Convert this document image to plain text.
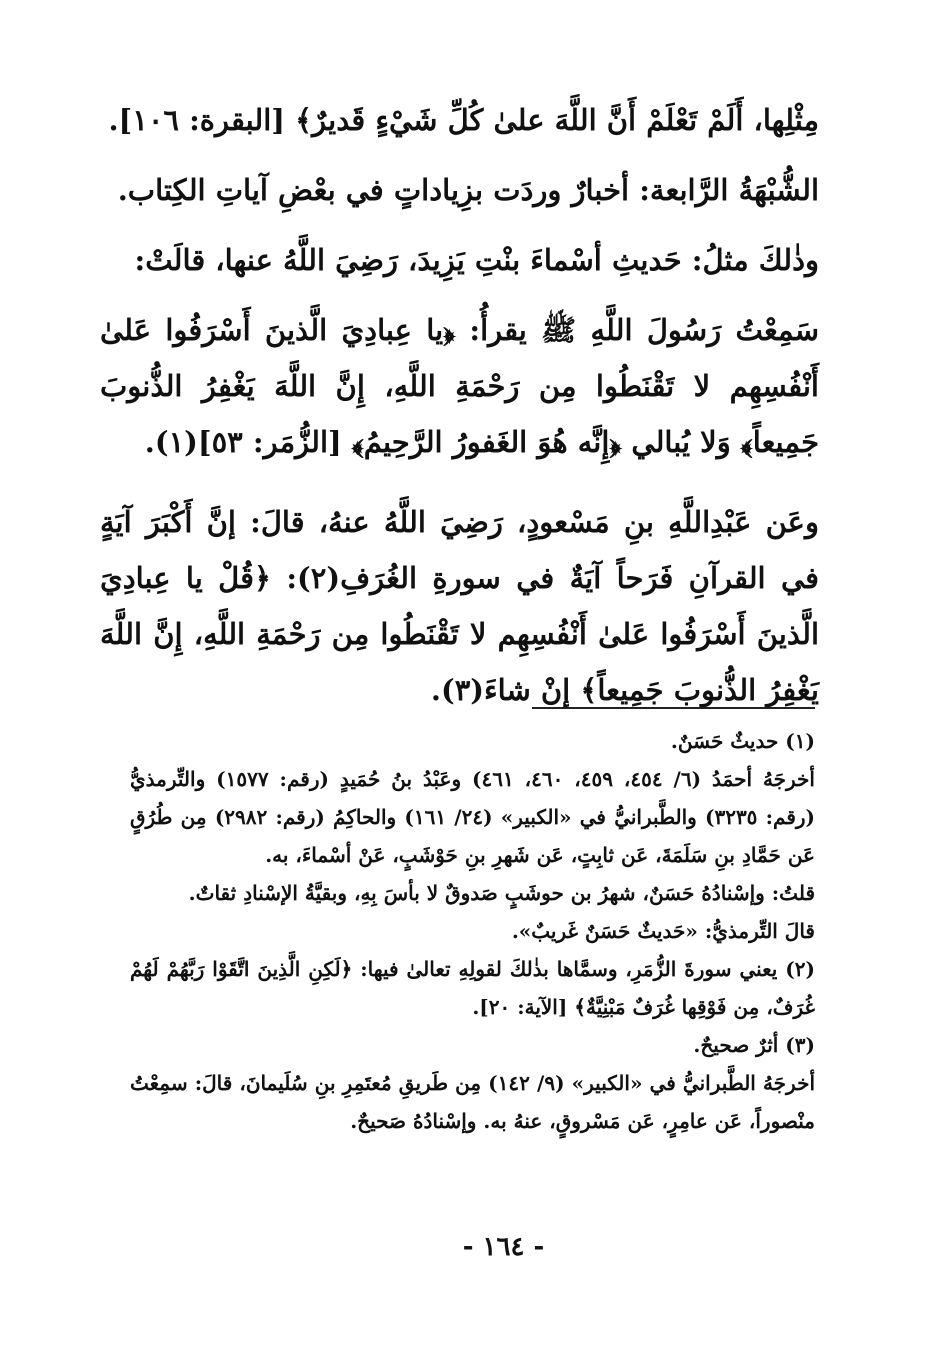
مِثْلِها، أَلَمْ تَعْلَمْ أَنَّ اللَّهَ علىٰ كُلِّ شَيْءٍ قَديرٌ﴾ [البقرة: ١٠٦].

الشُّبْهَةُ الرَّابعة: أخبارٌ وردَت بزِياداتٍ في بعْضِ آياتِ الكِتاب.

وذٰلكَ مثلُ: حَديثِ أسْماءَ بنْتِ يَزِيدَ، رَضِيَ اللَّهُ عنها، قالَتْ:

سَمِعْتُ رَسُولَ اللَّهِ ﷺ يقرأُ: ﴿يا عِبادِيَ الَّذينَ أَسْرَفُوا عَلىٰ أَنْفُسِهِم لا تَقْنَطُوا مِن رَحْمَةِ اللَّهِ، إِنَّ اللَّهَ يَغْفِرُ الذُّنوبَ جَمِيعاً﴾ وَلا يُبالي ﴿إِنَّه هُوَ الغَفورُ الرَّحِيمُ﴾ [الزُّمَر: ٥٣](١).

وعَن عَبْدِاللَّهِ بنِ مَسْعودٍ، رَضِيَ اللَّهُ عنهُ، قالَ: إنَّ أَكْبَرَ آيَةٍ في القرآنِ فَرَحاً آيَةٌ في سورةِ الغُرَفِ(٢): ﴿قُلْ يا عِبادِيَ الَّذينَ أَسْرَفُوا عَلىٰ أَنْفُسِهِم لا تَقْنَطُوا مِن رَحْمَةِ اللَّهِ، إِنَّ اللَّهَ يَغْفِرُ الذُّنوبَ جَمِيعاً﴾ إنْ شاءَ(٣).

(١) حديثٌ حَسَنٌ.

أخرجَهُ أحمَدُ (٦/ ٤٥٤، ٤٥٩، ٤٦٠، ٤٦١) وعَبْدُ بنُ حُمَيدٍ (رقم: ١٥٧٧) والتِّرمذيُّ (رقم: ٣٢٣٥) والطَّبرانيُّ في «الكبير» (٢٤/ ١٦١) والحاكِمُ (رقم: ٢٩٨٢) مِن طُرُقٍ عَن حَمَّادِ بنِ سَلَمَةَ، عَن ثابِتٍ، عَن شَهرِ بنِ حَوْشَبٍ، عَنْ أسْماءَ، به.

قلتُ: وإسْنادُهُ حَسَنٌ، شهرُ بن حوشَبٍ صَدوقٌ لا بأسَ بِهِ، وبقيَّةُ الإسْنادِ ثقاتٌ.

قالَ التِّرمذيُّ: «حَديثٌ حَسَنٌ غَريبٌ».

(٢) يعني سورةَ الزُّمَرِ، وسمَّاها بذٰلكَ لقولِهِ تعالىٰ فيها: ﴿لَكِنِ الَّذِينَ اتَّقَوْا رَبَّهُمْ لَهُمْ غُرَفٌ، مِن فَوْقِها غُرَفٌ مَبْنِيَّةٌ﴾ [الآية: ٢٠].

(٣) أثرٌ صحيحٌ.

أخرجَهُ الطَّبرانيُّ في «الكبير» (٩/ ١٤٢) مِن طَريقِ مُعتَمِرِ بنِ سُلَيمانَ، قالَ: سمِعْتُ منْصوراً، عَن عامِرٍ، عَن مَسْروقٍ، عنهُ به. وإسْنادُهُ صَحيحٌ.

- ١٦٤ -
